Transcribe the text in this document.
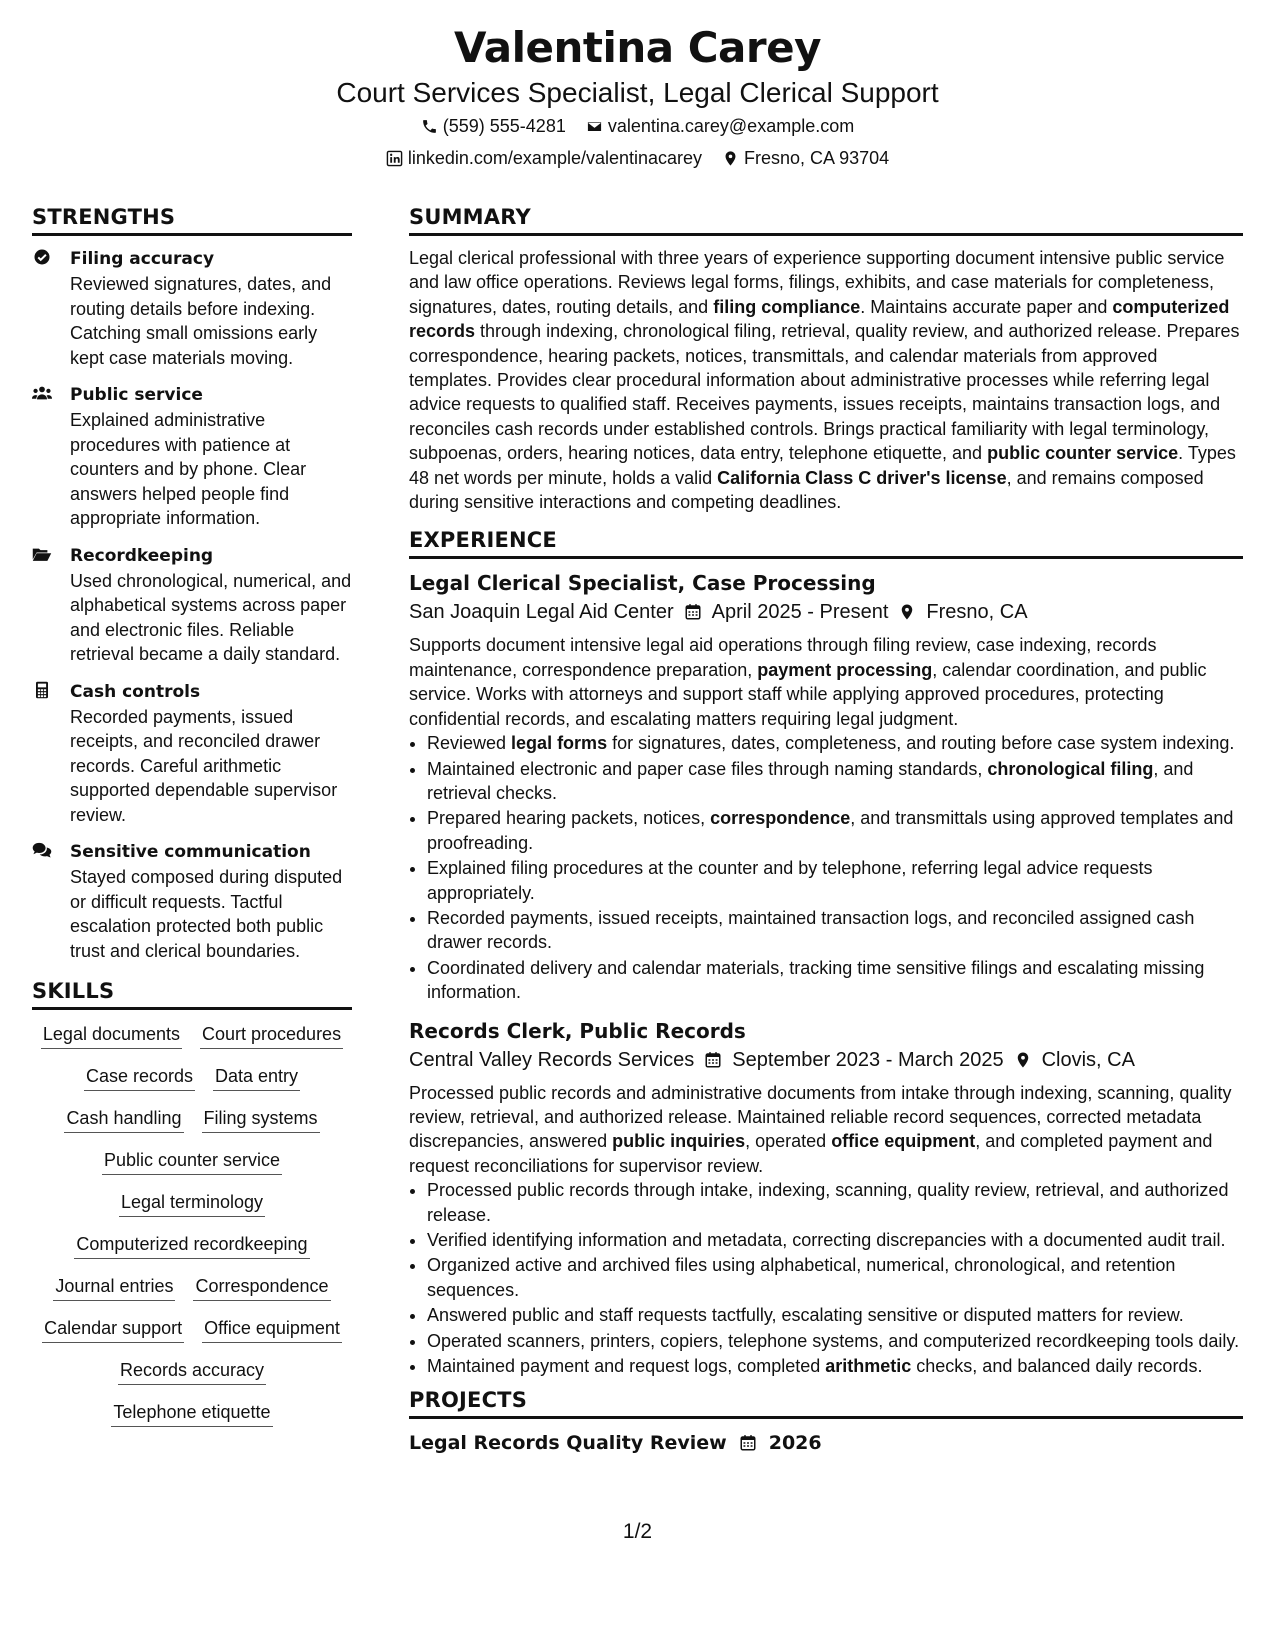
Valentina Carey
Court Services Specialist, Legal Clerical Support
(559) 555-4281 valentina.carey@example.com
linkedin.com/example/valentinacarey Fresno, CA 93704
STRENGTHS
Filing accuracy
Reviewed signatures, dates, and routing details before indexing. Catching small omissions early kept case materials moving.
Public service
Explained administrative procedures with patience at counters and by phone. Clear answers helped people find appropriate information.
Recordkeeping
Used chronological, numerical, and alphabetical systems across paper and electronic files. Reliable retrieval became a daily standard.
Cash controls
Recorded payments, issued receipts, and reconciled drawer records. Careful arithmetic supported dependable supervisor review.
Sensitive communication
Stayed composed during disputed or difficult requests. Tactful escalation protected both public trust and clerical boundaries.
SKILLS
Legal documents Court procedures
Case records Data entry
Cash handling Filing systems
Public counter service
Legal terminology
Computerized recordkeeping
Journal entries Correspondence
Calendar support Office equipment
Records accuracy
Telephone etiquette
SUMMARY

Legal clerical professional with three years of experience supporting document intensive public service and law office operations. Reviews legal forms, filings, exhibits, and case materials for completeness, signatures, dates, routing details, and filing compliance. Maintains accurate paper and computerized records through indexing, chronological filing, retrieval, quality review, and authorized release. Prepares correspondence, hearing packets, notices, transmittals, and calendar materials from approved templates. Provides clear procedural information about administrative processes while referring legal advice requests to qualified staff. Receives payments, issues receipts, maintains transaction logs, and reconciles cash records under established controls. Brings practical familiarity with legal terminology, subpoenas, orders, hearing notices, data entry, telephone etiquette, and public counter service. Types 48 net words per minute, holds a valid California Class C driver's license, and remains composed during sensitive interactions and competing deadlines.

EXPERIENCE
Legal Clerical Specialist, Case Processing
San Joaquin Legal Aid Center April 2025 - Present Fresno, CA

Supports document intensive legal aid operations through filing review, case indexing, records maintenance, correspondence preparation, payment processing, calendar coordination, and public service. Works with attorneys and support staff while applying approved procedures, protecting confidential records, and escalating matters requiring legal judgment.

• Reviewed legal forms for signatures, dates, completeness, and routing before case system indexing.
• Maintained electronic and paper case files through naming standards, chronological filing, and retrieval checks.
• Prepared hearing packets, notices, correspondence, and transmittals using approved templates and proofreading.
• Explained filing procedures at the counter and by telephone, referring legal advice requests appropriately.
• Recorded payments, issued receipts, maintained transaction logs, and reconciled assigned cash drawer records.
• Coordinated delivery and calendar materials, tracking time sensitive filings and escalating missing information.
Records Clerk, Public Records
Central Valley Records Services September 2023 - March 2025 Clovis, CA

Processed public records and administrative documents from intake through indexing, scanning, quality review, retrieval, and authorized release. Maintained reliable record sequences, corrected metadata discrepancies, answered public inquiries, operated office equipment, and completed payment and request reconciliations for supervisor review.

• Processed public records through intake, indexing, scanning, quality review, retrieval, and authorized release.
• Verified identifying information and metadata, correcting discrepancies with a documented audit trail.
• Organized active and archived files using alphabetical, numerical, chronological, and retention sequences.
• Answered public and staff requests tactfully, escalating sensitive or disputed matters for review.
• Operated scanners, printers, copiers, telephone systems, and computerized recordkeeping tools daily.
• Maintained payment and request logs, completed arithmetic checks, and balanced daily records.
PROJECTS
Legal Records Quality Review 2026
1/2
